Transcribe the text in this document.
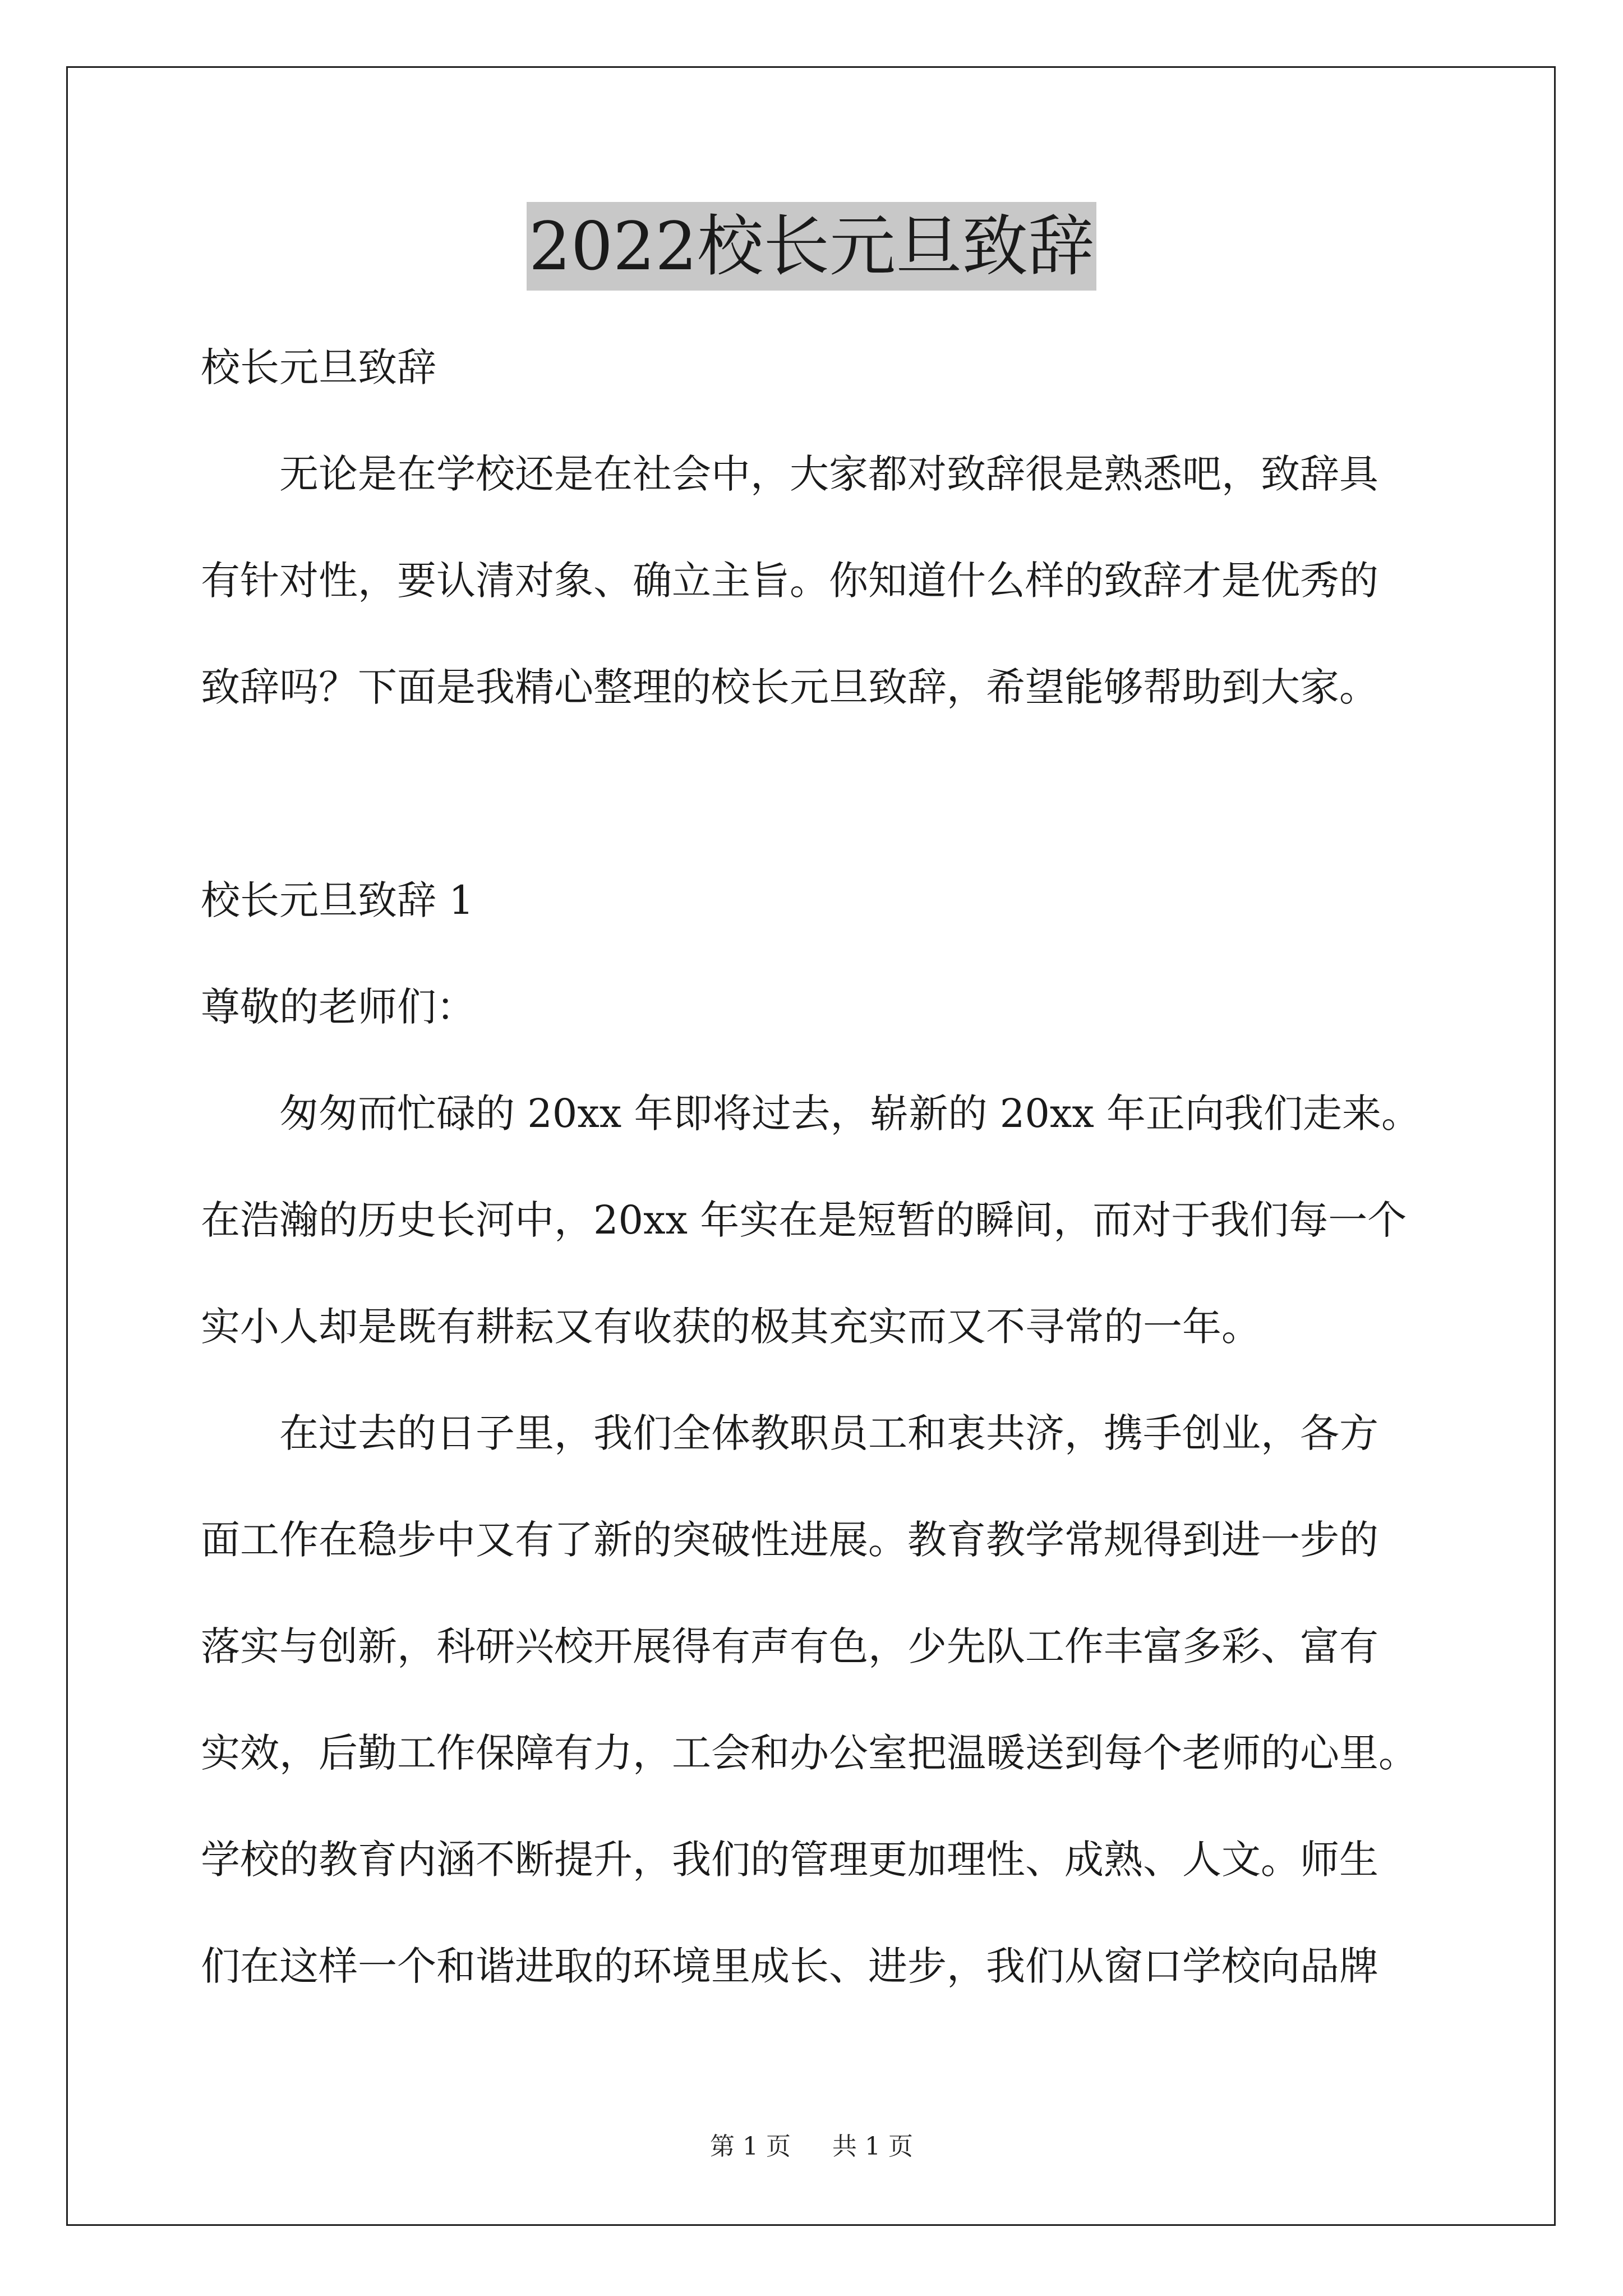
2022校长元旦致辞
校长元旦致辞
无论是在学校还是在社会中，大家都对致辞很是熟悉吧，致辞具
有针对性，要认清对象、确立主旨。你知道什么样的致辞才是优秀的
致辞吗？下面是我精心整理的校长元旦致辞，希望能够帮助到大家。
校长元旦致辞 1
尊敬的老师们：
匆匆而忙碌的 20xx 年即将过去，崭新的 20xx 年正向我们走来。
在浩瀚的历史长河中，20xx 年实在是短暂的瞬间，而对于我们每一个
实小人却是既有耕耘又有收获的极其充实而又不寻常的一年。
在过去的日子里，我们全体教职员工和衷共济，携手创业，各方
面工作在稳步中又有了新的突破性进展。教育教学常规得到进一步的
落实与创新，科研兴校开展得有声有色，少先队工作丰富多彩、富有
实效，后勤工作保障有力，工会和办公室把温暖送到每个老师的心里。
学校的教育内涵不断提升，我们的管理更加理性、成熟、人文。师生
们在这样一个和谐进取的环境里成长、进步，我们从窗口学校向品牌
第 1 页 共 1 页
